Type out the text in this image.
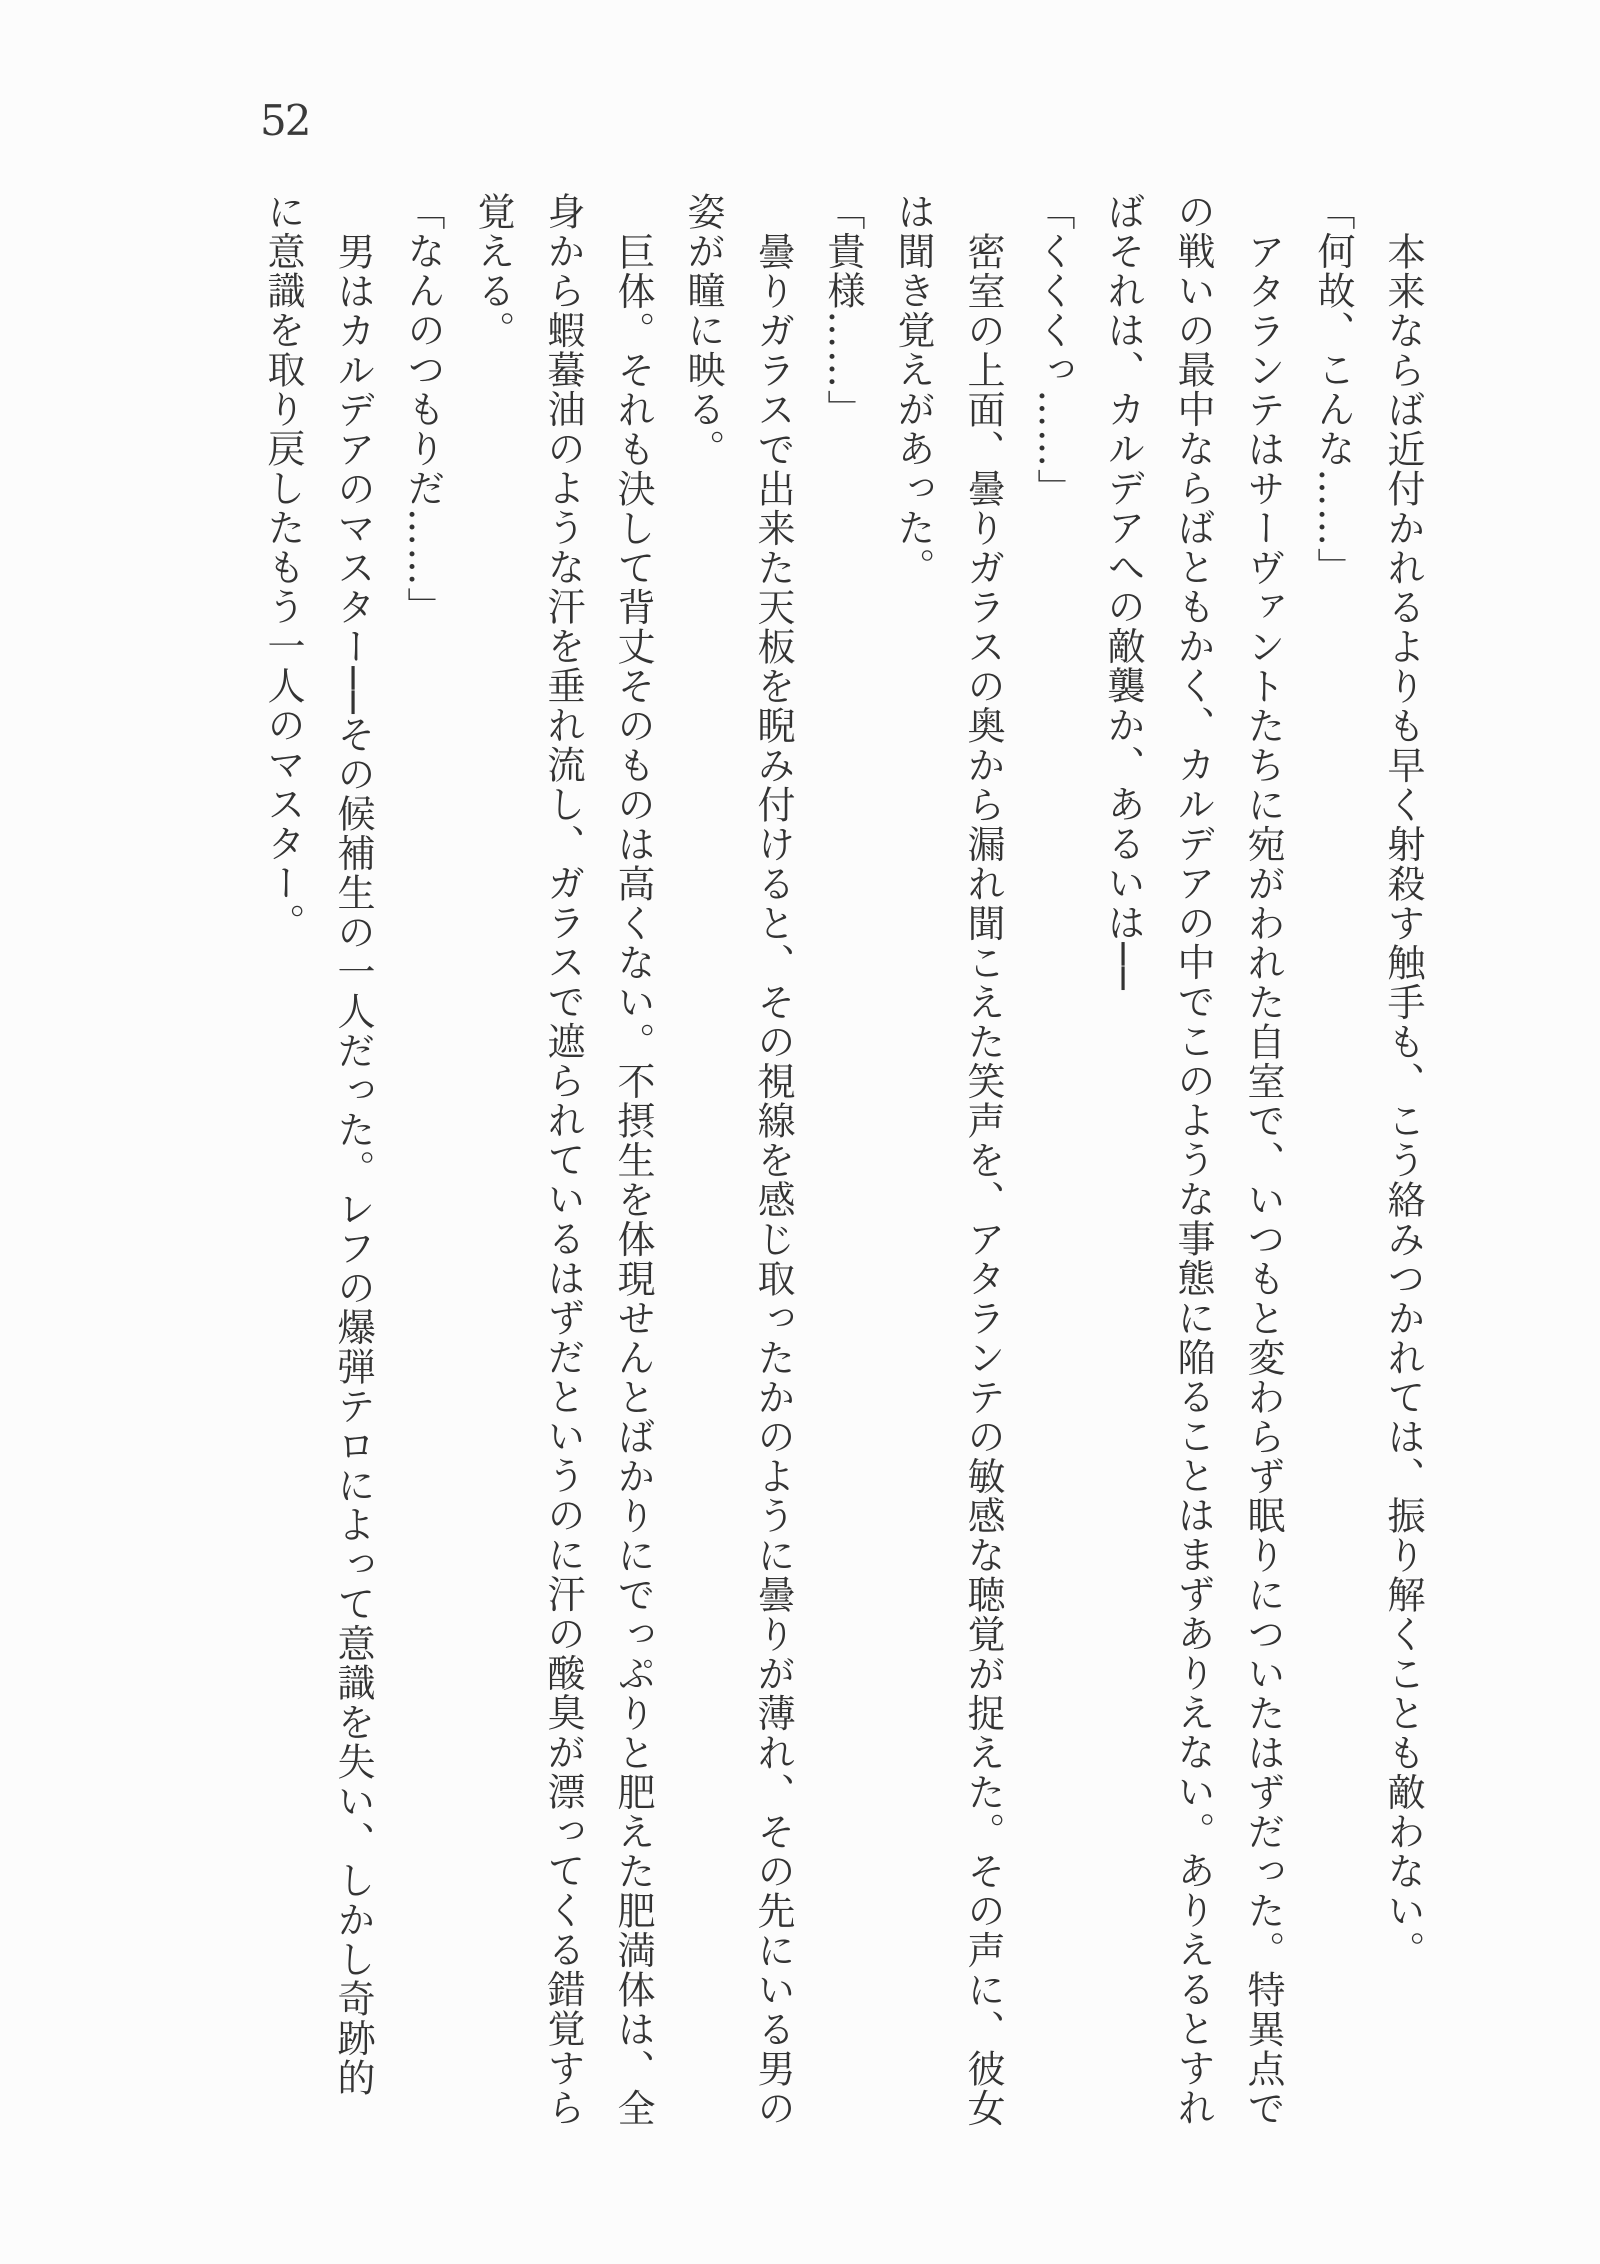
52
本来ならば近付かれるよりも早く射殺す触手も、こう絡みつかれては、振り解くことも敵わない。
「何故、こんな……」
アタランテはサーヴァントたちに宛がわれた自室で、いつもと変わらず眠りについたはずだった。特異点で
の戦いの最中ならばともかく、カルデアの中でこのような事態に陥ることはまずありえない。ありえるとすれ
ばそれは、カルデアへの敵襲か、あるいは──
「くくくっ……」
密室の上面、曇りガラスの奥から漏れ聞こえた笑声を、アタランテの敏感な聴覚が捉えた。その声に、彼女
は聞き覚えがあった。
「貴様……」
曇りガラスで出来た天板を睨み付けると、その視線を感じ取ったかのように曇りが薄れ、その先にいる男の
姿が瞳に映る。
巨体。それも決して背丈そのものは高くない。不摂生を体現せんとばかりにでっぷりと肥えた肥満体は、全
身から蝦蟇油のような汗を垂れ流し、ガラスで遮られているはずだというのに汗の酸臭が漂ってくる錯覚すら
覚える。
「なんのつもりだ……」
男はカルデアのマスター──その候補生の一人だった。レフの爆弾テロによって意識を失い、しかし奇跡的
に意識を取り戻したもう一人のマスター。
